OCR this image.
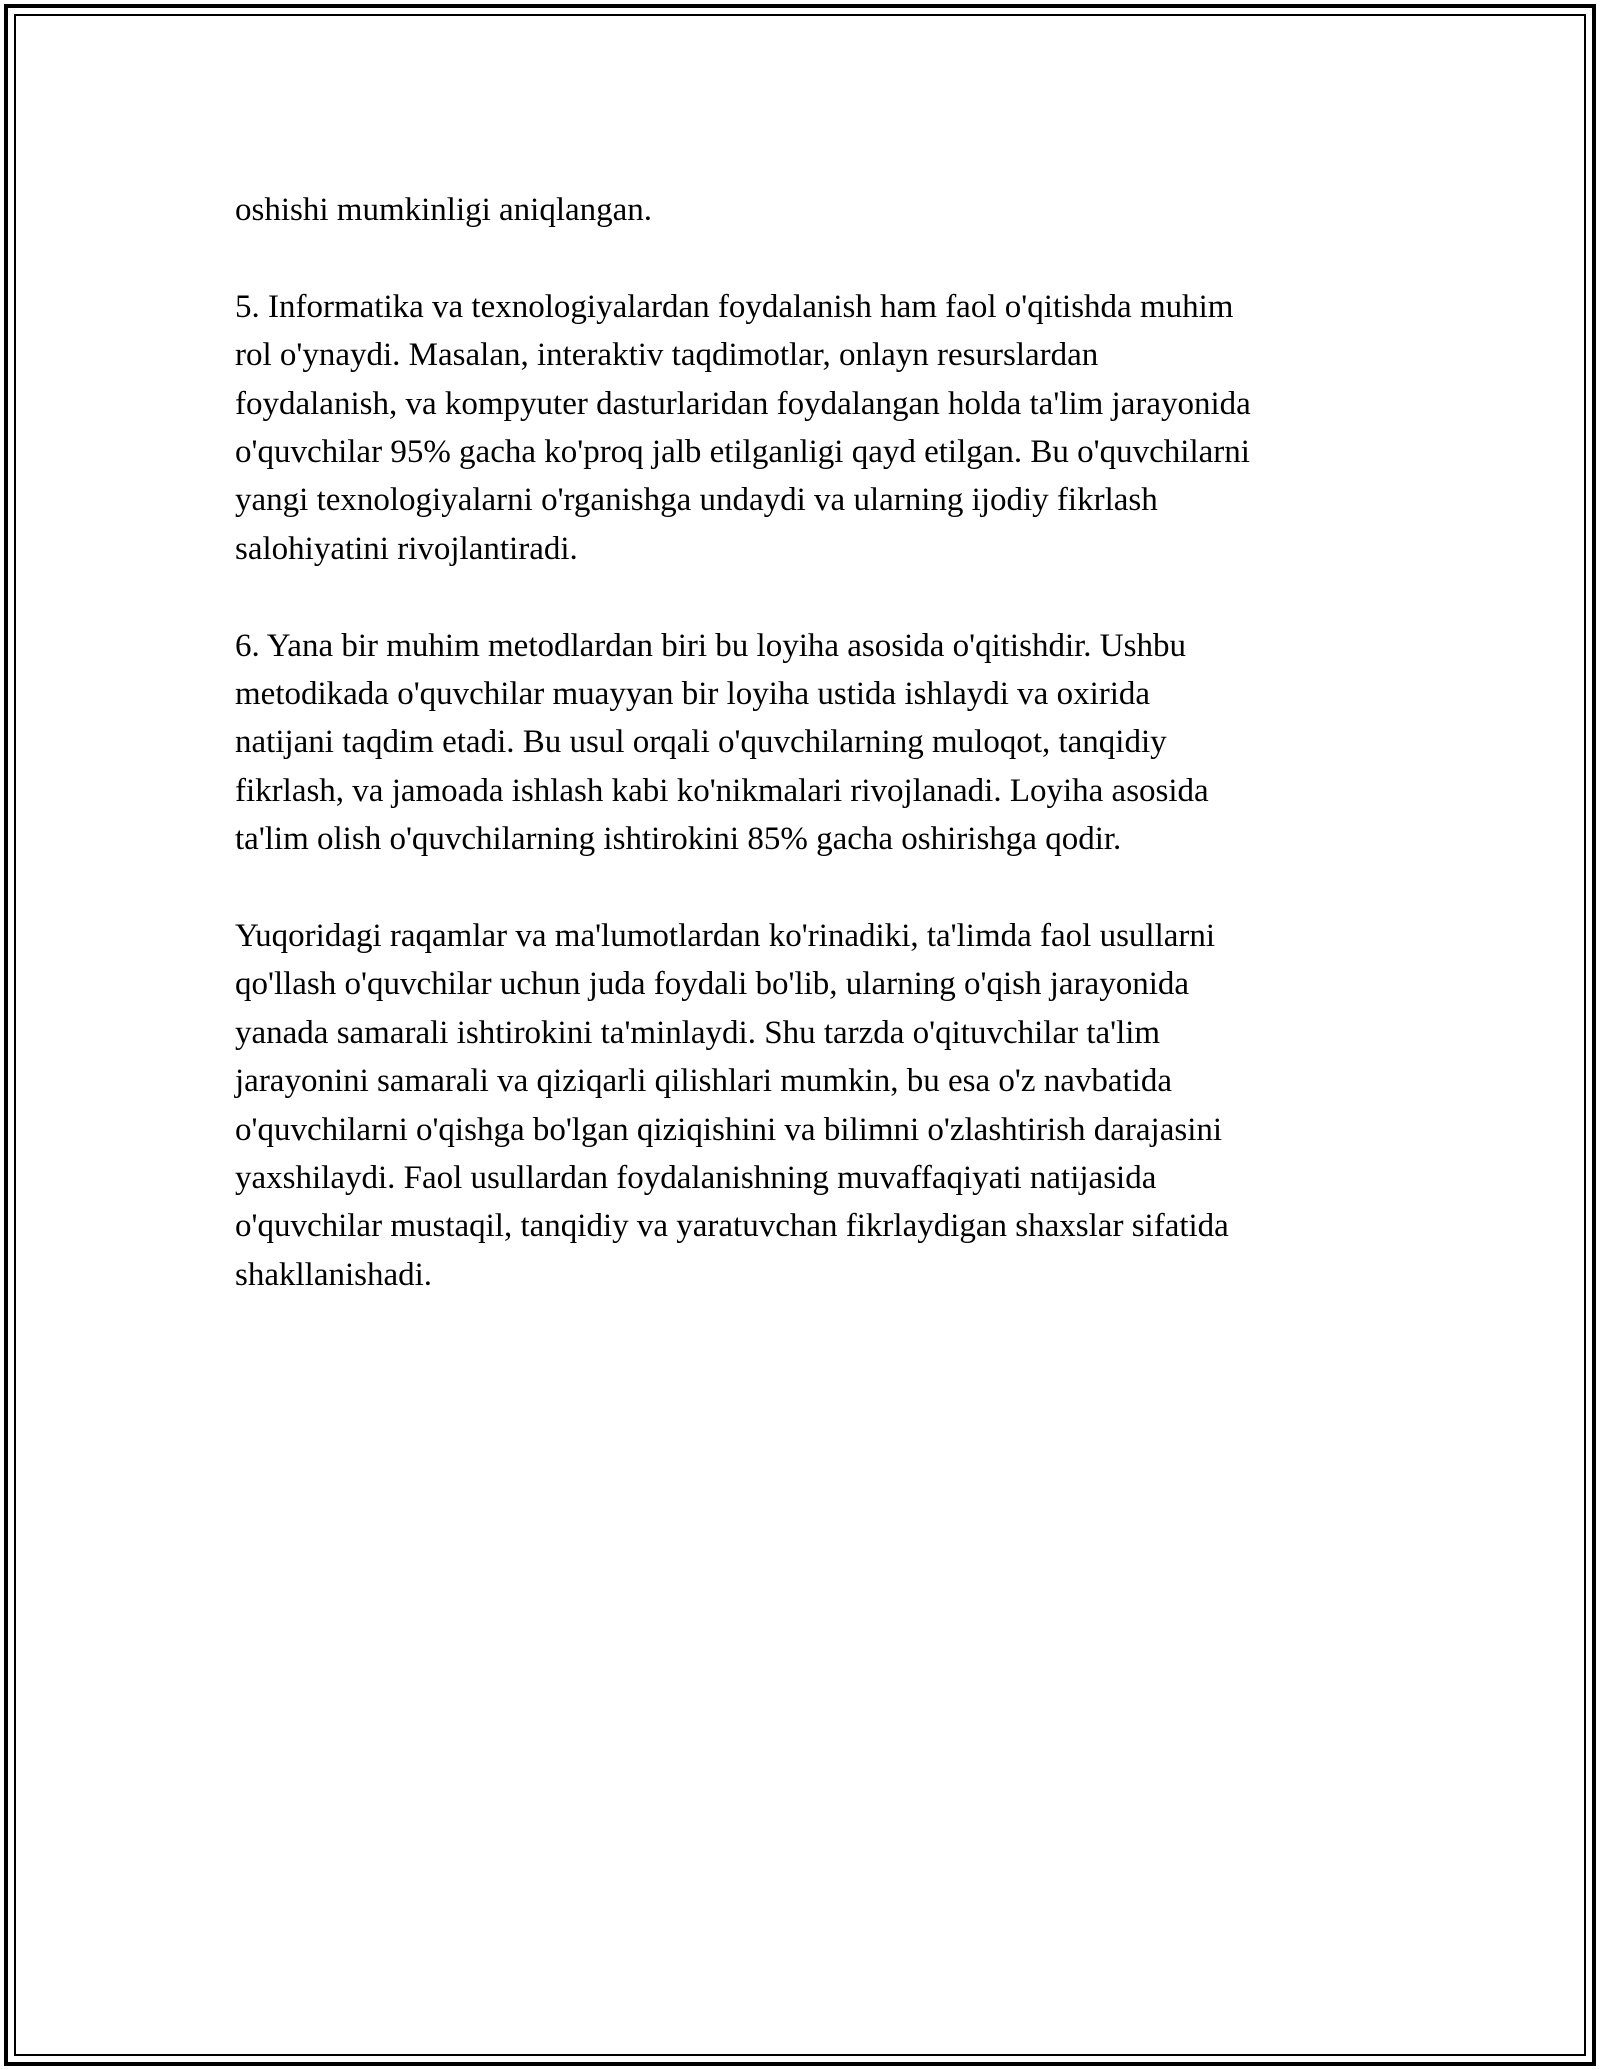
oshishi mumkinligi aniqlangan.

5. Informatika va texnologiyalardan foydalanish ham faol o'qitishda muhim
rol o'ynaydi. Masalan, interaktiv taqdimotlar, onlayn resurslardan
foydalanish, va kompyuter dasturlaridan foydalangan holda ta'lim jarayonida
o'quvchilar 95% gacha ko'proq jalb etilganligi qayd etilgan. Bu o'quvchilarni
yangi texnologiyalarni o'rganishga undaydi va ularning ijodiy fikrlash
salohiyatini rivojlantiradi.

6. Yana bir muhim metodlardan biri bu loyiha asosida o'qitishdir. Ushbu
metodikada o'quvchilar muayyan bir loyiha ustida ishlaydi va oxirida
natijani taqdim etadi. Bu usul orqali o'quvchilarning muloqot, tanqidiy
fikrlash, va jamoada ishlash kabi ko'nikmalari rivojlanadi. Loyiha asosida
ta'lim olish o'quvchilarning ishtirokini 85% gacha oshirishga qodir.

Yuqoridagi raqamlar va ma'lumotlardan ko'rinadiki, ta'limda faol usullarni
qo'llash o'quvchilar uchun juda foydali bo'lib, ularning o'qish jarayonida
yanada samarali ishtirokini ta'minlaydi. Shu tarzda o'qituvchilar ta'lim
jarayonini samarali va qiziqarli qilishlari mumkin, bu esa o'z navbatida
o'quvchilarni o'qishga bo'lgan qiziqishini va bilimni o'zlashtirish darajasini
yaxshilaydi. Faol usullardan foydalanishning muvaffaqiyati natijasida
o'quvchilar mustaqil, tanqidiy va yaratuvchan fikrlaydigan shaxslar sifatida
shakllanishadi.
